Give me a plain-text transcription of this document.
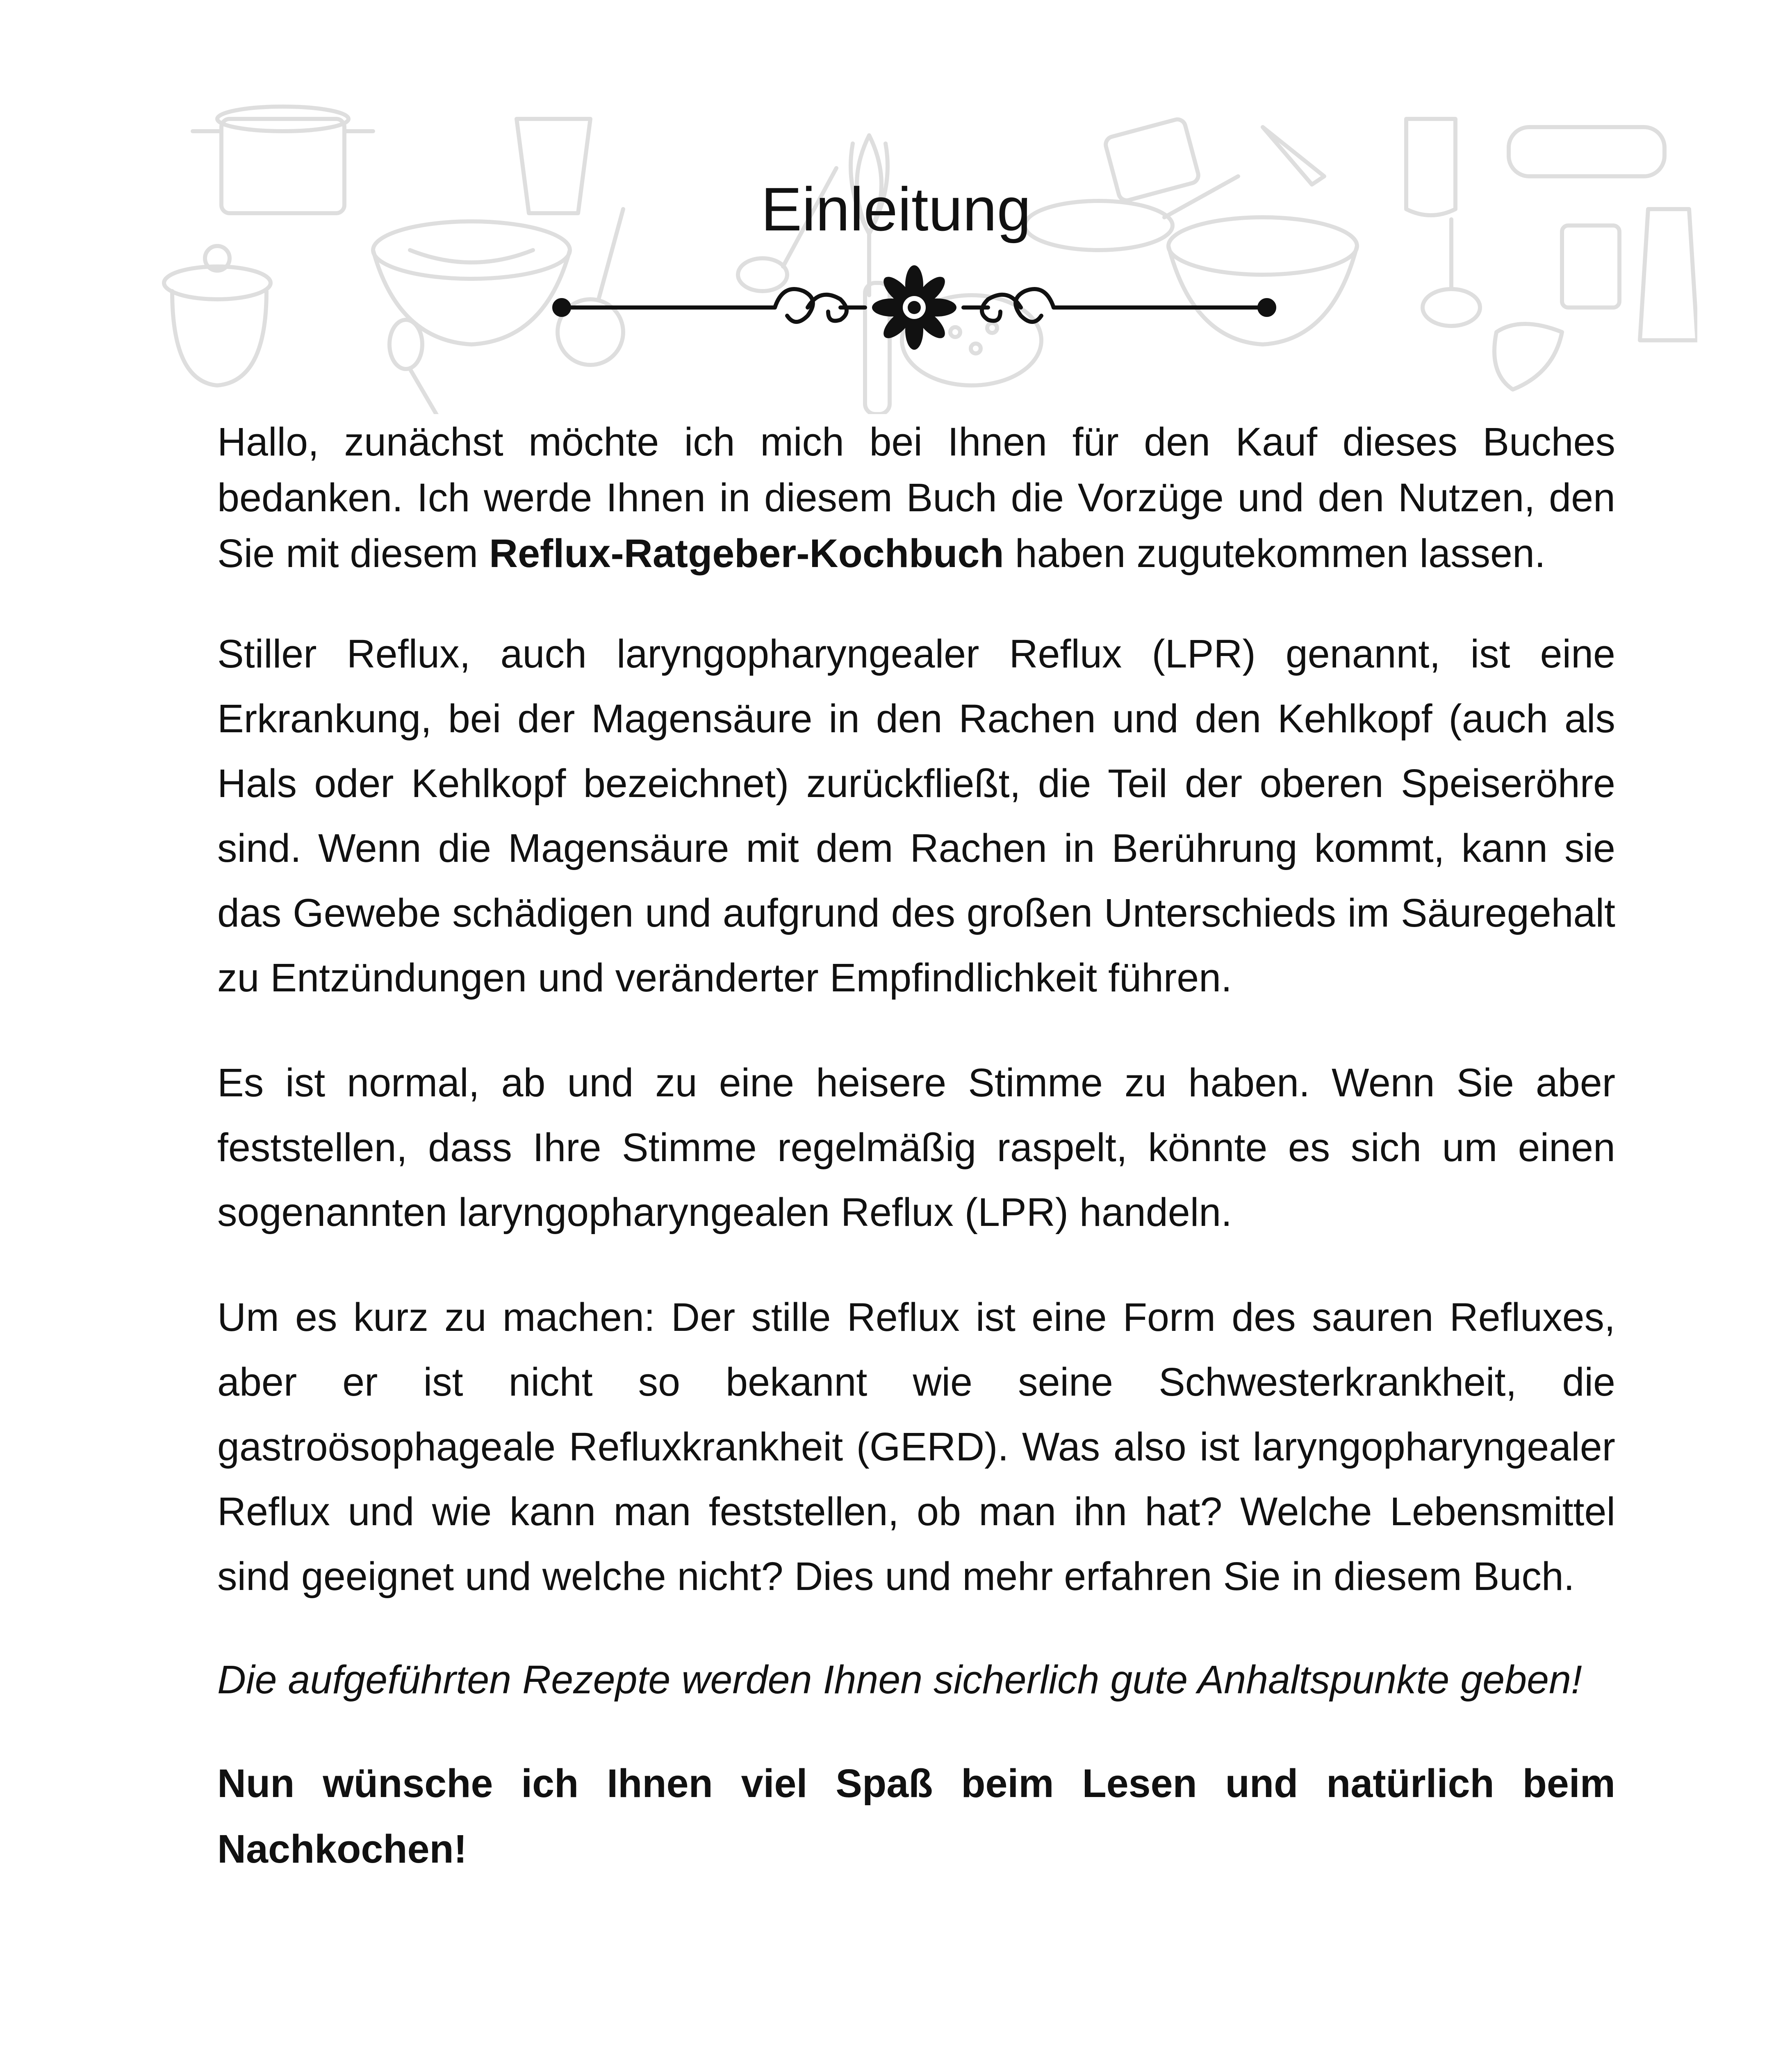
Einleitung

Hallo, zunächst möchte ich mich bei Ihnen für den Kauf dieses Buches bedanken. Ich werde Ihnen in diesem Buch die Vorzüge und den Nutzen, den Sie mit diesem Reflux-Ratgeber-Kochbuch haben zugutekommen lassen.

Stiller Reflux, auch laryngopharyngealer Reflux (LPR) genannt, ist eine Erkrankung, bei der Magensäure in den Rachen und den Kehlkopf (auch als Hals oder Kehlkopf bezeichnet) zurückfließt, die Teil der oberen Speiseröhre sind. Wenn die Magensäure mit dem Rachen in Berührung kommt, kann sie das Gewebe schädigen und aufgrund des großen Unterschieds im Säuregehalt zu Entzündungen und veränderter Empfindlichkeit führen.

Es ist normal, ab und zu eine heisere Stimme zu haben. Wenn Sie aber feststellen, dass Ihre Stimme regelmäßig raspelt, könnte es sich um einen sogenannten laryngopharyngealen Reflux (LPR) handeln.

Um es kurz zu machen: Der stille Reflux ist eine Form des sauren Refluxes, aber er ist nicht so bekannt wie seine Schwesterkrankheit, die gastroösophageale Refluxkrankheit (GERD). Was also ist laryngopharyngealer Reflux und wie kann man feststellen, ob man ihn hat? Welche Lebensmittel sind geeignet und welche nicht? Dies und mehr erfahren Sie in diesem Buch.

Die aufgeführten Rezepte werden Ihnen sicherlich gute Anhaltspunkte geben!

Nun wünsche ich Ihnen viel Spaß beim Lesen und natürlich beim Nachkochen!
